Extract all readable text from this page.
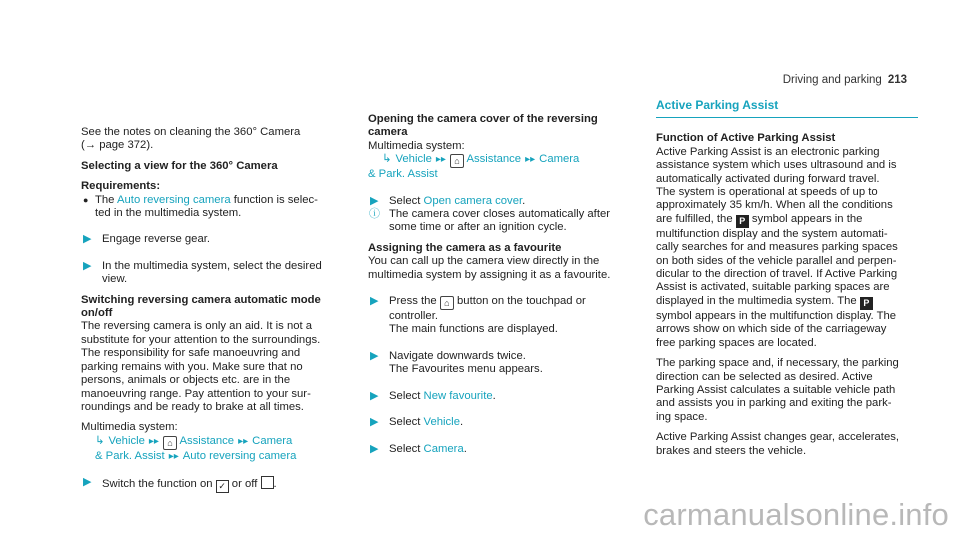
Driving and parking 213

See the notes on cleaning the 360° Camera

(→ page 372).

Selecting a view for the 360° Camera

Requirements:

● The Auto reversing camera function is selec-
ted in the multimedia system.
▶ Engage reverse gear.
▶ In the multimedia system, select the desired
view.

Switching reversing camera automatic mode
on/off

The reversing camera is only an aid. It is not a
substitute for your attention to the surroundings.
The responsibility for safe manoeuvring and
parking remains with you. Make sure that no
persons, animals or objects etc. are in the
manoeuvring range. Pay attention to your sur-
roundings and be ready to brake at all times.

Multimedia system:

↳ Vehicle ▸▸ ⌂ Assistance ▸▸ Camera
& Park. Assist ▸▸ Auto reversing camera
▶ Switch the function on ✓ or off .

Opening the camera cover of the reversing
camera

Multimedia system:

↳ Vehicle ▸▸ ⌂ Assistance ▸▸ Camera
& Park. Assist
▶ Select Open camera cover.
ⓘ The camera cover closes automatically after
some time or after an ignition cycle.

Assigning the camera as a favourite

You can call up the camera view directly in the
multimedia system by assigning it as a favourite.

▶ Press the ⌂ button on the touchpad or
controller.
The main functions are displayed.
▶ Navigate downwards twice.
The Favourites menu appears.
▶ Select New favourite.
▶ Select Vehicle.
▶ Select Camera.
Active Parking Assist

Function of Active Parking Assist

Active Parking Assist is an electronic parking
assistance system which uses ultrasound and is
automatically activated during forward travel.
The system is operational at speeds of up to
approximately 35 km/h. When all the conditions
are fulfilled, the P symbol appears in the
multifunction display and the system automati-
cally searches for and measures parking spaces
on both sides of the vehicle parallel and perpen-
dicular to the direction of travel. If Active Parking
Assist is activated, suitable parking spaces are
displayed in the multimedia system. The P
symbol appears in the multifunction display. The
arrows show on which side of the carriageway
free parking spaces are located.

The parking space and, if necessary, the parking
direction can be selected as desired. Active
Parking Assist calculates a suitable vehicle path
and assists you in parking and exiting the park-
ing space.

Active Parking Assist changes gear, accelerates,
brakes and steers the vehicle.

carmanualsonline.info
